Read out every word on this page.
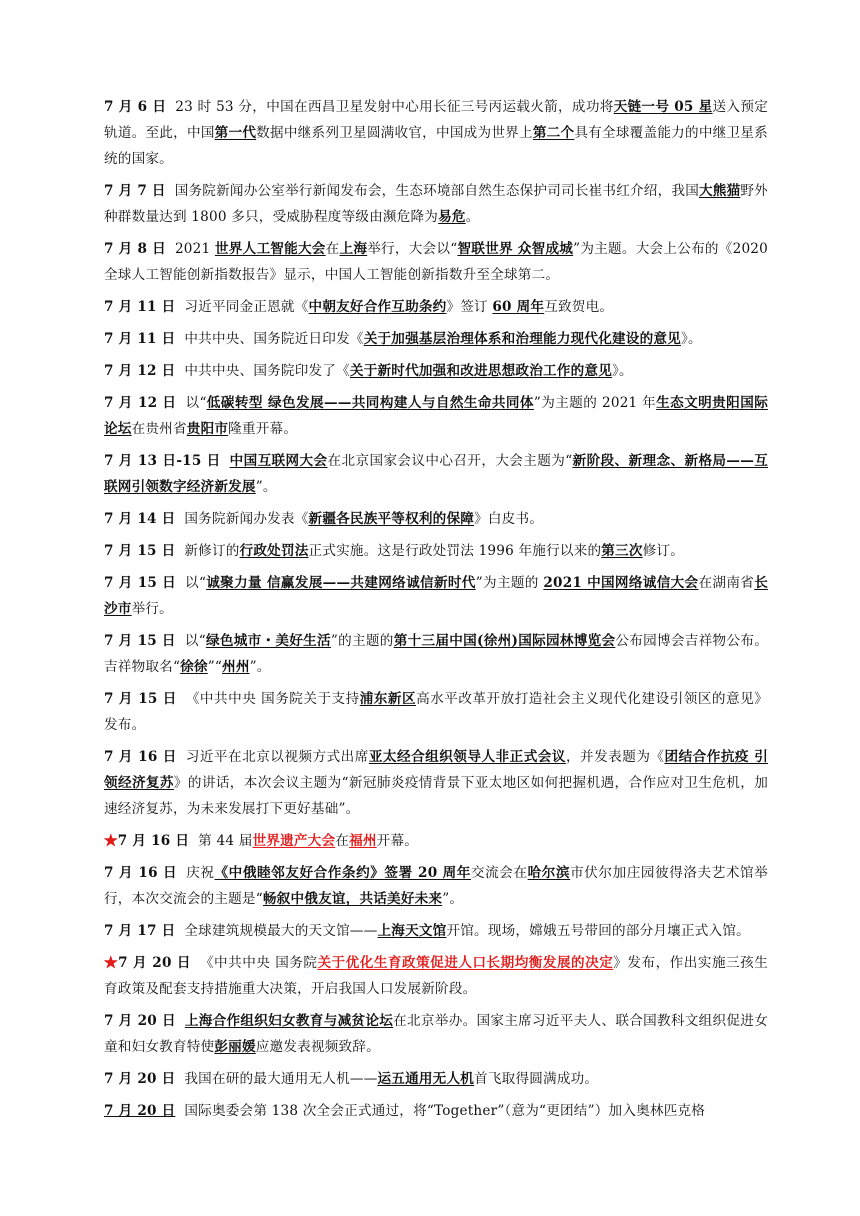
7 月 6 日 23 时 53 分，中国在西昌卫星发射中心用长征三号丙运载火箭，成功将天链一号 05 星送入预定轨道。至此，中国第一代数据中继系列卫星圆满收官，中国成为世界上第二个具有全球覆盖能力的中继卫星系统的国家。

7 月 7 日 国务院新闻办公室举行新闻发布会，生态环境部自然生态保护司司长崔书红介绍，我国大熊猫野外种群数量达到 1800 多只，受威胁程度等级由濒危降为易危。

7 月 8 日 2021 世界人工智能大会在上海举行，大会以“智联世界 众智成城”为主题。大会上公布的《2020 全球人工智能创新指数报告》显示，中国人工智能创新指数升至全球第二。

7 月 11 日 习近平同金正恩就《中朝友好合作互助条约》签订 60 周年互致贺电。

7 月 11 日 中共中央、国务院近日印发《关于加强基层治理体系和治理能力现代化建设的意见》。

7 月 12 日 中共中央、国务院印发了《关于新时代加强和改进思想政治工作的意见》。

7 月 12 日 以“低碳转型 绿色发展——共同构建人与自然生命共同体”为主题的 2021 年生态文明贵阳国际论坛在贵州省贵阳市隆重开幕。

7 月 13 日-15 日 中国互联网大会在北京国家会议中心召开，大会主题为“新阶段、新理念、新格局——互联网引领数字经济新发展”。

7 月 14 日 国务院新闻办发表《新疆各民族平等权利的保障》白皮书。

7 月 15 日 新修订的行政处罚法正式实施。这是行政处罚法 1996 年施行以来的第三次修订。

7 月 15 日 以“诚聚力量 信赢发展——共建网络诚信新时代”为主题的 2021 中国网络诚信大会在湖南省长沙市举行。

7 月 15 日 以“绿色城市・美好生活”的主题的第十三届中国(徐州)国际园林博览会公布园博会吉祥物公布。吉祥物取名“徐徐”“州州”。

7 月 15 日 《中共中央 国务院关于支持浦东新区高水平改革开放打造社会主义现代化建设引领区的意见》发布。

7 月 16 日 习近平在北京以视频方式出席亚太经合组织领导人非正式会议，并发表题为《团结合作抗疫 引领经济复苏》的讲话，本次会议主题为“新冠肺炎疫情背景下亚太地区如何把握机遇，合作应对卫生危机，加速经济复苏，为未来发展打下更好基础”。

★7 月 16 日 第 44 届世界遗产大会在福州开幕。

7 月 16 日 庆祝《中俄睦邻友好合作条约》签署 20 周年交流会在哈尔滨市伏尔加庄园彼得洛夫艺术馆举行，本次交流会的主题是“畅叙中俄友谊，共话美好未来”。

7 月 17 日 全球建筑规模最大的天文馆——上海天文馆开馆。现场，嫦娥五号带回的部分月壤正式入馆。

★7 月 20 日 《中共中央 国务院关于优化生育政策促进人口长期均衡发展的决定》发布，作出实施三孩生育政策及配套支持措施重大决策，开启我国人口发展新阶段。

7 月 20 日 上海合作组织妇女教育与减贫论坛在北京举办。国家主席习近平夫人、联合国教科文组织促进女童和妇女教育特使彭丽媛应邀发表视频致辞。

7 月 20 日 我国在研的最大通用无人机——运五通用无人机首飞取得圆满成功。

7 月 20 日 国际奥委会第 138 次全会正式通过，将“Together”（意为“更团结”）加入奥林匹克格
